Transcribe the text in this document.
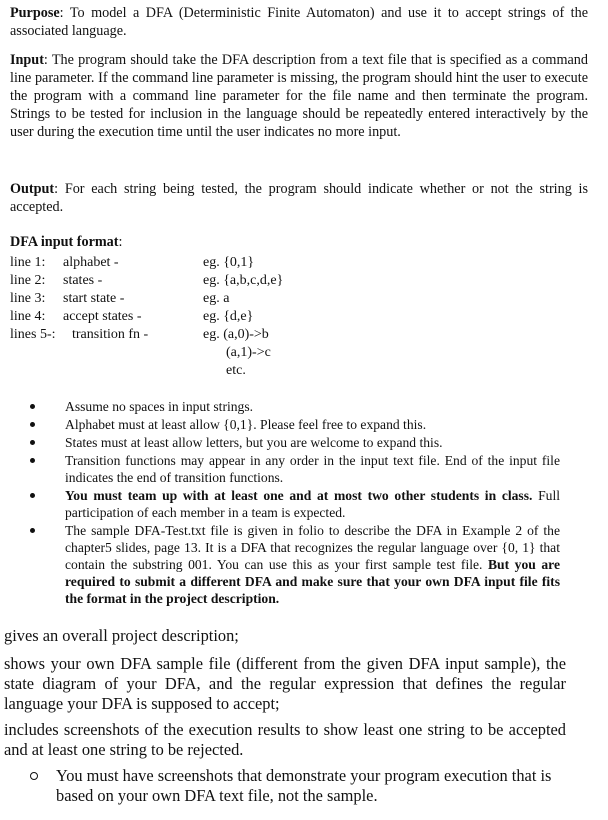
Purpose: To model a DFA (Deterministic Finite Automaton) and use it to accept strings of the associated language.

Input: The program should take the DFA description from a text file that is specified as a command line parameter. If the command line parameter is missing, the program should hint the user to execute the program with a command line parameter for the file name and then terminate the program. Strings to be tested for inclusion in the language should be repeatedly entered interactively by the user during the execution time until the user indicates no more input.

Output: For each string being tested, the program should indicate whether or not the string is accepted.

DFA input format:
line 1: alphabet -	eg. {0,1}
line 2: states -	eg. {a,b,c,d,e}
line 3: start state -	eg. a
line 4: accept states -	eg. {d,e}
lines 5-: transition fn -	eg. (a,0)->b
(a,1)->c
etc.
Assume no spaces in input strings.
Alphabet must at least allow {0,1}. Please feel free to expand this.
States must at least allow letters, but you are welcome to expand this.
Transition functions may appear in any order in the input text file. End of the input file indicates the end of transition functions.
You must team up with at least one and at most two other students in class. Full participation of each member in a team is expected.
The sample DFA-Test.txt file is given in folio to describe the DFA in Example 2 of the chapter5 slides, page 13. It is a DFA that recognizes the regular language over {0, 1} that contain the substring 001. You can use this as your first sample test file. But you are required to submit a different DFA and make sure that your own DFA input file fits the format in the project description.

gives an overall project description;

shows your own DFA sample file (different from the given DFA input sample), the state diagram of your DFA, and the regular expression that defines the regular language your DFA is supposed to accept;

includes screenshots of the execution results to show least one string to be accepted and at least one string to be rejected.

You must have screenshots that demonstrate your program execution that is based on your own DFA text file, not the sample.
